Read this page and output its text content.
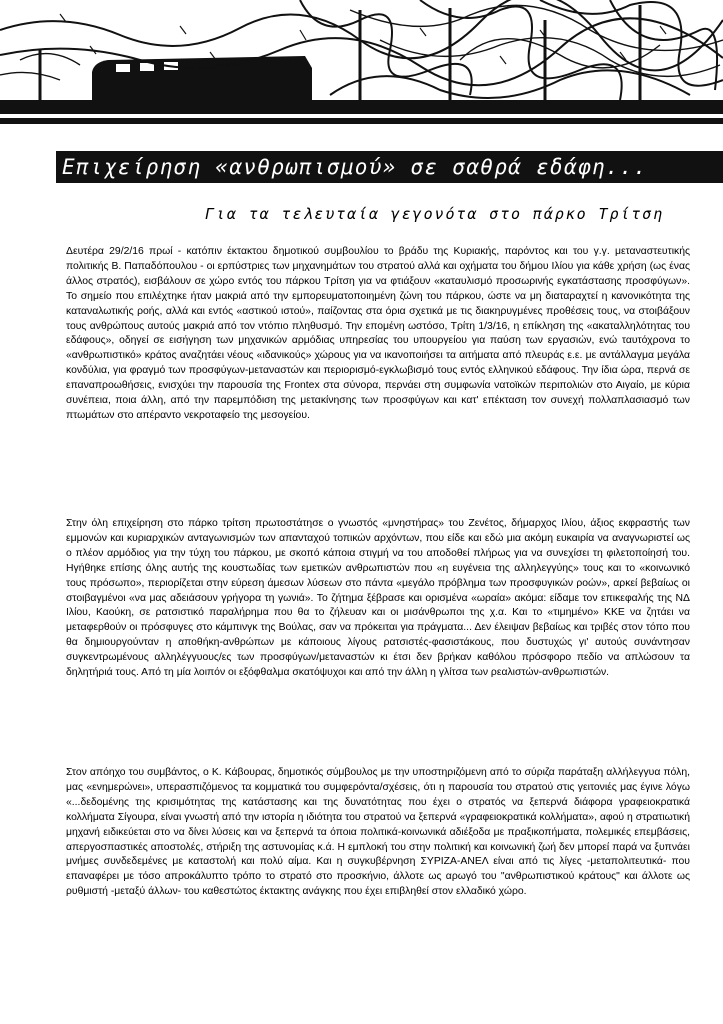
Επιχείρηση «ανθρωπισμού» σε σαθρά εδάφη...
Για τα τελευταία γεγονότα στο πάρκο Τρίτση

Δευτέρα 29/2/16 πρωί - κατόπιν έκτακτου δημοτικού συμβουλίου το βράδυ της Κυριακής, παρόντος και του γ.γ. μεταναστευτικής πολιτικής Β. Παπαδόπουλου - οι ερπύστριες των μηχανημάτων του στρατού αλλά και οχήματα του δήμου Ιλίου για κάθε χρήση (ως ένας άλλος στρατός), εισβάλουν σε χώρο εντός του πάρκου Τρίτση για να φτιάξουν «καταυλισμό προσωρινής εγκατάστασης προσφύγων». Το σημείο που επιλέχτηκε ήταν μακριά από την εμπορευματοποιημένη ζώνη του πάρκου, ώστε να μη διαταραχτεί η κανονικότητα της καταναλωτικής ροής, αλλά και εντός «αστικού ιστού», παίζοντας στα όρια σχετικά με τις διακηρυγμένες προθέσεις τους, να στοιβάξουν τους ανθρώπους αυτούς μακριά από τον ντόπιο πληθυσμό. Την επομένη ωστόσο, Τρίτη 1/3/16, η επίκληση της «ακαταλληλότητας του εδάφους», οδηγεί σε εισήγηση των μηχανικών αρμόδιας υπηρεσίας του υπουργείου για παύση των εργασιών, ενώ ταυτόχρονα το «ανθρωπιστικό» κράτος αναζητάει νέους «ιδανικούς» χώρους για να ικανοποιήσει τα αιτήματα από πλευράς ε.ε. με αντάλλαγμα μεγάλα κονδύλια, για φραγμό των προσφύγων-μεταναστών και περιορισμό-εγκλωβισμό τους εντός ελληνικού εδάφους. Την ίδια ώρα, περνά σε επαναπροωθήσεις, ενισχύει την παρουσία της Frontex στα σύνορα, περνάει στη συμφωνία νατοϊκών περιπολιών στο Αιγαίο, με κύρια συνέπεια, ποια άλλη, από την παρεμπόδιση της μετακίνησης των προσφύγων και κατ' επέκταση τον συνεχή πολλαπλασιασμό των πτωμάτων στο απέραντο νεκροταφείο της μεσογείου.

Στην όλη επιχείρηση στο πάρκο τρίτση πρωτοστάτησε ο γνωστός «μνηστήρας» του Ζενέτος, δήμαρχος Ιλίου, άξιος εκφραστής των εμμονών και κυριαρχικών ανταγωνισμών των απανταχού τοπικών αρχόντων, που είδε και εδώ μια ακόμη ευκαιρία να αναγνωριστεί ως ο πλέον αρμόδιος για την τύχη του πάρκου, με σκοπό κάποια στιγμή να του αποδοθεί πλήρως για να συνεχίσει τη φιλετοποίησή του. Ηγήθηκε επίσης όλης αυτής της κουστωδίας των εμετικών ανθρωπιστών που «η ευγένεια της αλληλεγγύης» τους και το «κοινωνικό τους πρόσωπο», περιορίζεται στην εύρεση άμεσων λύσεων στο πάντα «μεγάλο πρόβλημα των προσφυγικών ροών», αρκεί βεβαίως οι στοιβαγμένοι «να μας αδειάσουν γρήγορα τη γωνιά». Το ζήτημα ξέβρασε και ορισμένα «ωραία» ακόμα: είδαμε τον επικεφαλής της ΝΔ Ιλίου, Καούκη, σε ρατσιστικό παραλήρημα που θα το ζήλευαν και οι μισάνθρωποι της χ.α. Και το «τιμημένο» ΚΚΕ να ζητάει να μεταφερθούν οι πρόσφυγες στο κάμπινγκ της Βούλας, σαν να πρόκειται για πράγματα... Δεν έλειψαν βεβαίως και τριβές στον τόπο που θα δημιουργούνταν η αποθήκη-ανθρώπων με κάποιους λίγους ρατσιστές-φασιστάκους, που δυστυχώς γι' αυτούς συνάντησαν συγκεντρωμένους αλληλέγγυους/ες των προσφύγων/μεταναστών κι έτσι δεν βρήκαν καθόλου πρόσφορο πεδίο να απλώσουν τα δηλητήριά τους. Από τη μία λοιπόν οι εξόφθαλμα σκατόψυχοι και από την άλλη η γλίτσα των ρεαλιστών-ανθρωπιστών.

Στον απόηχο του συμβάντος, ο Κ. Κάβουρας, δημοτικός σύμβουλος με την υποστηριζόμενη από το σύριζα παράταξη αλλήλεγγυα πόλη, μας «ενημερώνει», υπερασπιζόμενος τα κομματικά του συμφερόντα/σχέσεις, ότι η παρουσία του στρατού στις γειτονιές μας έγινε λόγω «...δεδομένης της κρισιμότητας της κατάστασης και της δυνατότητας που έχει ο στρατός να ξεπερνά διάφορα γραφειοκρατικά κολλήματα Σίγουρα, είναι γνωστή από την ιστορία η ιδιότητα του στρατού να ξεπερνά «γραφειοκρατικά κολλήματα», αφού η στρατιωτική μηχανή ειδικεύεται στο να δίνει λύσεις και να ξεπερνά τα όποια πολιτικά-κοινωνικά αδιέξοδα με πραξικοπήματα, πολεμικές επεμβάσεις, απεργοσπαστικές αποστολές, στήριξη της αστυνομίας κ.ά. Η εμπλοκή του στην πολιτική και κοινωνική ζωή δεν μπορεί παρά να ξυπνάει μνήμες συνδεδεμένες με καταστολή και πολύ αίμα. Και η συγκυβέρνηση ΣΥΡΙΖΑ-ΑΝΕΛ είναι από τις λίγες -μεταπολιτευτικά- που επαναφέρει με τόσο απροκάλυπτο τρόπο το στρατό στο προσκήνιο, άλλοτε ως αρωγό του "ανθρωπιστικού κράτους" και άλλοτε ως ρυθμιστή -μεταξύ άλλων- του καθεστώτος έκτακτης ανάγκης που έχει επιβληθεί στον ελλαδικό χώρο.
